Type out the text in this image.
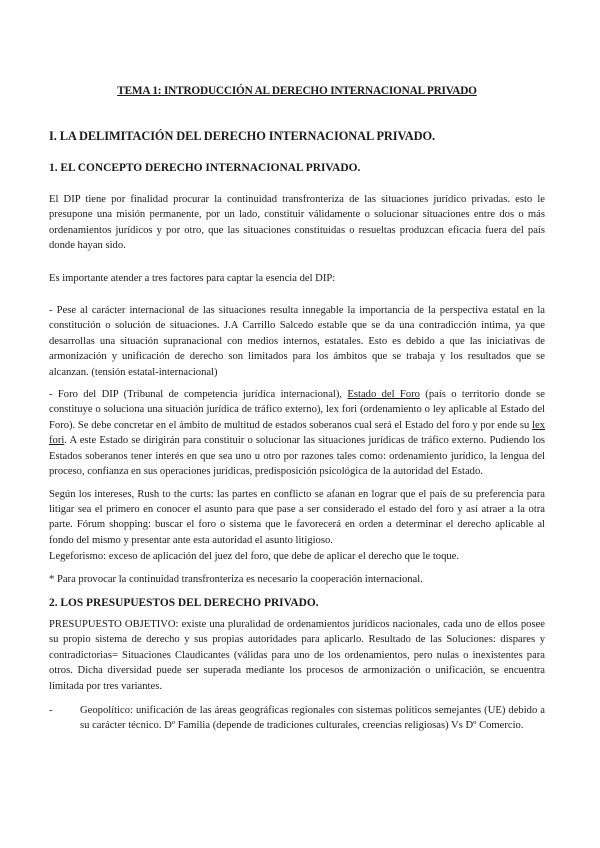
TEMA 1: INTRODUCCIÓN AL DERECHO INTERNACIONAL PRIVADO
I. LA DELIMITACIÓN DEL DERECHO INTERNACIONAL PRIVADO.
1. EL CONCEPTO DERECHO INTERNACIONAL PRIVADO.

El DIP tiene por finalidad procurar la continuidad transfronteriza de las situaciones jurídico privadas. esto le presupone una misión permanente, por un lado, constituir válidamente o solucionar situaciones entre dos o más ordenamientos jurídicos y por otro, que las situaciones constituidas o resueltas produzcan eficacia fuera del país donde hayan sido.

Es importante atender a tres factores para captar la esencia del DIP:

- Pese al carácter internacional de las situaciones resulta innegable la importancia de la perspectiva estatal en la constitución o solución de situaciones. J.A Carrillo Salcedo estable que se da una contradicción íntima, ya que desarrollas una situación supranacional con medios internos, estatales. Esto es debido a que las iniciativas de armonización y unificación de derecho son limitados para los ámbitos que se trabaja y los resultados que se alcanzan. (tensión estatal-internacional)

- Foro del DIP (Tribunal de competencia jurídica internacional), Estado del Foro (país o territorio donde se constituye o soluciona una situación jurídica de tráfico externo), lex fori (ordenamiento o ley aplicable al Estado del Foro). Se debe concretar en el ámbito de multitud de estados soberanos cual será el Estado del foro y por ende su lex fori. A este Estado se dirigirán para constituir o solucionar las situaciones jurídicas de tráfico externo. Pudiendo los Estados soberanos tener interés en que sea uno u otro por razones tales como: ordenamiento jurídico, la lengua del proceso, confianza en sus operaciones jurídicas, predisposición psicológica de la autoridad del Estado.

Según los intereses, Rush to the curts: las partes en conflicto se afanan en lograr que el país de su preferencia para litigar sea el primero en conocer el asunto para que pase a ser considerado el estado del foro y así atraer a la otra parte. Fórum shopping: buscar el foro o sistema que le favorecerá en orden a determinar el derecho aplicable al fondo del mismo y presentar ante esta autoridad el asunto litigioso.

Legeforismo: exceso de aplicación del juez del foro, que debe de aplicar el derecho que le toque.

* Para provocar la continuidad transfronteriza es necesario la cooperación internacional.

2. LOS PRESUPUESTOS DEL DERECHO PRIVADO.

PRESUPUESTO OBJETIVO: existe una pluralidad de ordenamientos jurídicos nacionales, cada uno de ellos posee su propio sistema de derecho y sus propias autoridades para aplicarlo. Resultado de las Soluciones: dispares y contradictorias= Situaciones Claudicantes (válidas para uno de los ordenamientos, pero nulas o inexistentes para otros. Dicha diversidad puede ser superada mediante los procesos de armonización o unificación, se encuentra limitada por tres variantes.

-	Geopolítico: unificación de las áreas geográficas regionales con sistemas políticos semejantes (UE) debido a su carácter técnico. Dº Familia (depende de tradiciones culturales, creencias religiosas) Vs Dº Comercio.
